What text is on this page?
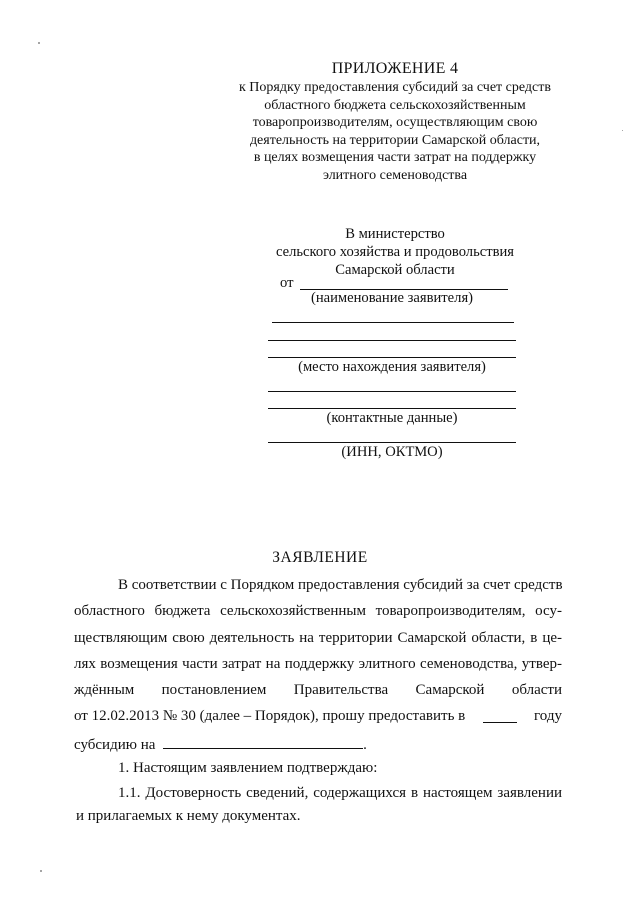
ПРИЛОЖЕНИЕ 4
к Порядку предоставления субсидий за счет средств
областного бюджета сельскохозяйственным
товаропроизводителям, осуществляющим свою
деятельность на территории Самарской области,
в целях возмещения части затрат на поддержку
элитного семеноводства
В министерство
сельского хозяйства и продовольствия
Самарской области
от
(наименование заявителя)
(место нахождения заявителя)
(контактные данные)
(ИНН, ОКТМО)
ЗАЯВЛЕНИЕ
В соответствии с Порядком предоставления субсидий за счет средств
областного бюджета сельскохозяйственным товаропроизводителям, осу-
ществляющим свою деятельность на территории Самарской области, в це-
лях возмещения части затрат на поддержку элитного семеноводства, утвер-
ждённым постановлением Правительства Самарской области
от 12.02.2013 № 30 (далее – Порядок), прошу предоставить в	году
субсидию на	.
1. Настоящим заявлением подтверждаю:
1.1. Достоверность сведений, содержащихся в настоящем заявлении
и прилагаемых к нему документах.
